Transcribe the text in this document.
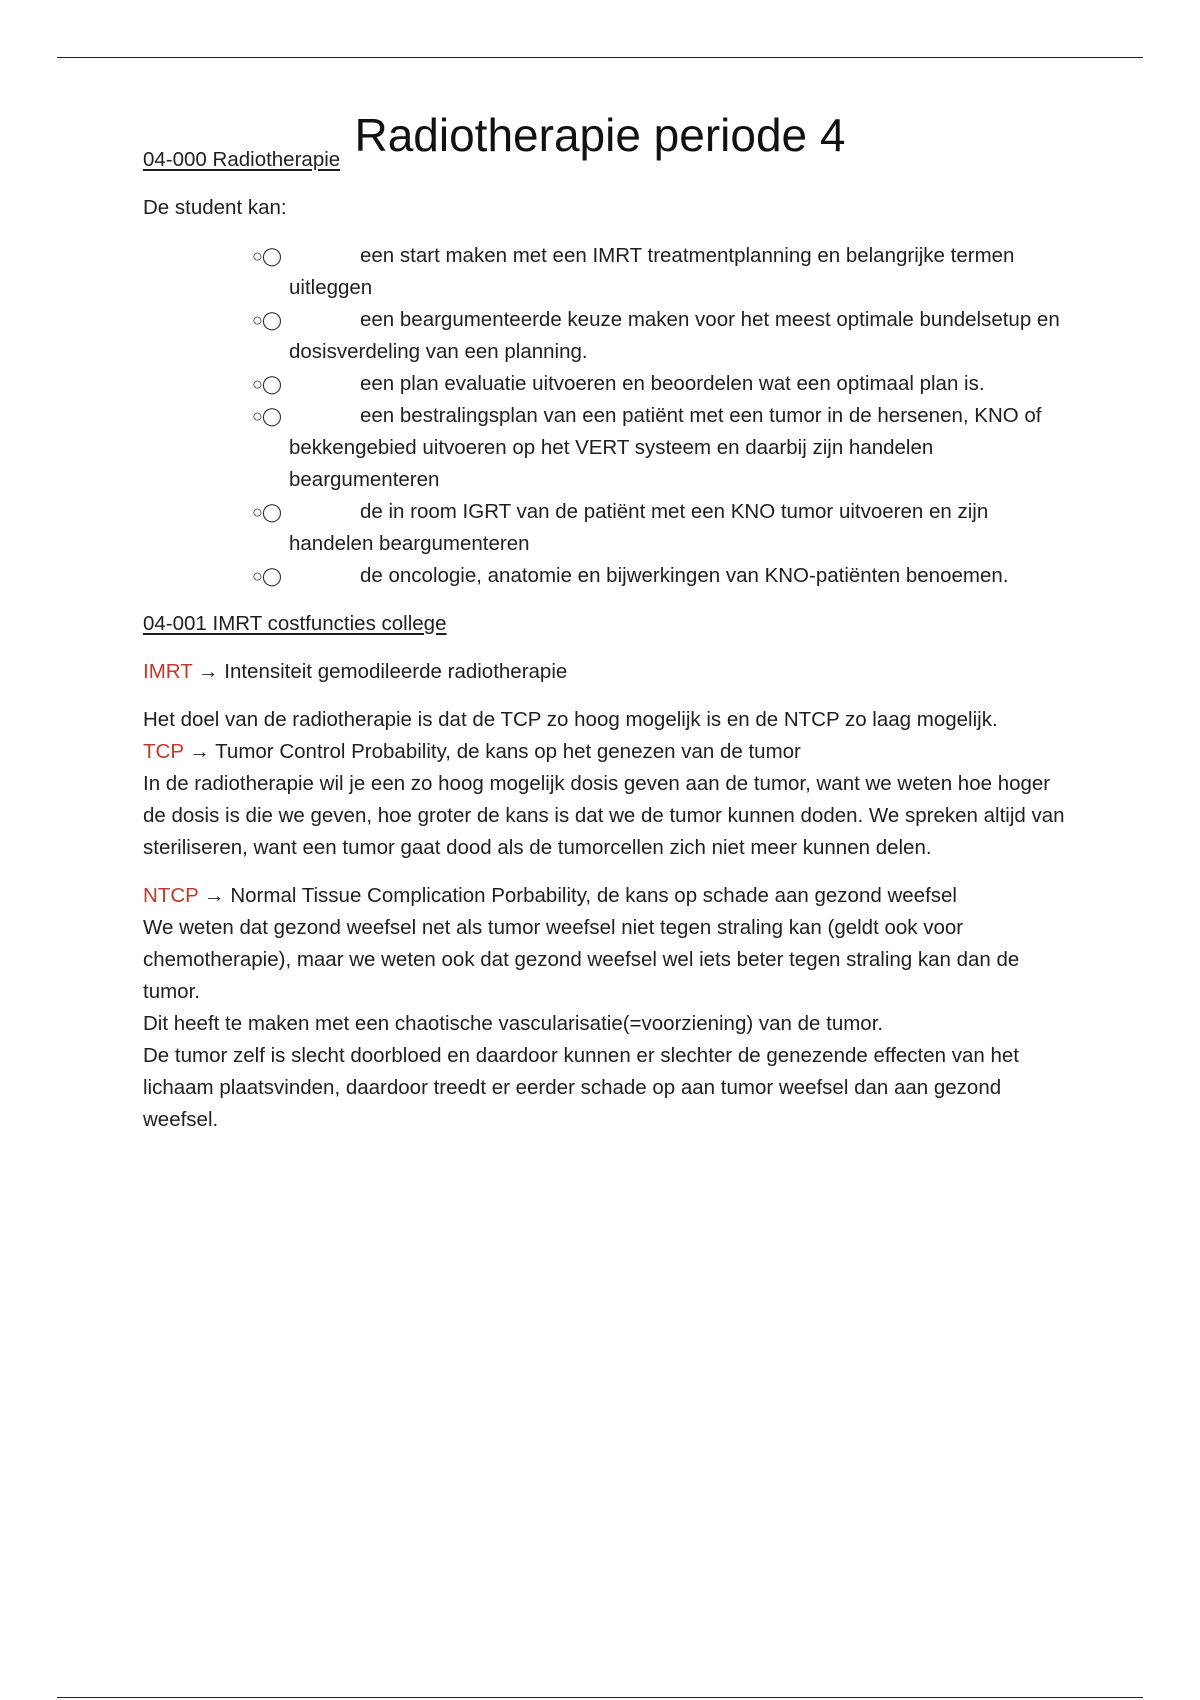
Radiotherapie periode 4

04-000 Radiotherapie

De student kan:

○◯	een start maken met een IMRT treatmentplanning en belangrijke termen uitleggen
○◯	een beargumenteerde keuze maken voor het meest optimale bundelsetup en dosisverdeling van een planning.
○◯	een plan evaluatie uitvoeren en beoordelen wat een optimaal plan is.
○◯	een bestralingsplan van een patiënt met een tumor in de hersenen, KNO of bekkengebied uitvoeren op het VERT systeem en daarbij zijn handelen beargumenteren
○◯	de in room IGRT van de patiënt met een KNO tumor uitvoeren en zijn handelen beargumenteren
○◯	de oncologie, anatomie en bijwerkingen van KNO-patiënten benoemen.

04-001 IMRT costfuncties college

IMRT → Intensiteit gemodileerde radiotherapie

Het doel van de radiotherapie is dat de TCP zo hoog mogelijk is en de NTCP zo laag mogelijk.

TCP → Tumor Control Probability, de kans op het genezen van de tumor

In de radiotherapie wil je een zo hoog mogelijk dosis geven aan de tumor, want we weten hoe hoger de dosis is die we geven, hoe groter de kans is dat we de tumor kunnen doden. We spreken altijd van steriliseren, want een tumor gaat dood als de tumorcellen zich niet meer kunnen delen.

NTCP → Normal Tissue Complication Porbability, de kans op schade aan gezond weefsel

We weten dat gezond weefsel net als tumor weefsel niet tegen straling kan (geldt ook voor chemotherapie), maar we weten ook dat gezond weefsel wel iets beter tegen straling kan dan de tumor.

Dit heeft te maken met een chaotische vascularisatie(=voorziening) van de tumor.

De tumor zelf is slecht doorbloed en daardoor kunnen er slechter de genezende effecten van het lichaam plaatsvinden, daardoor treedt er eerder schade op aan tumor weefsel dan aan gezond weefsel.
